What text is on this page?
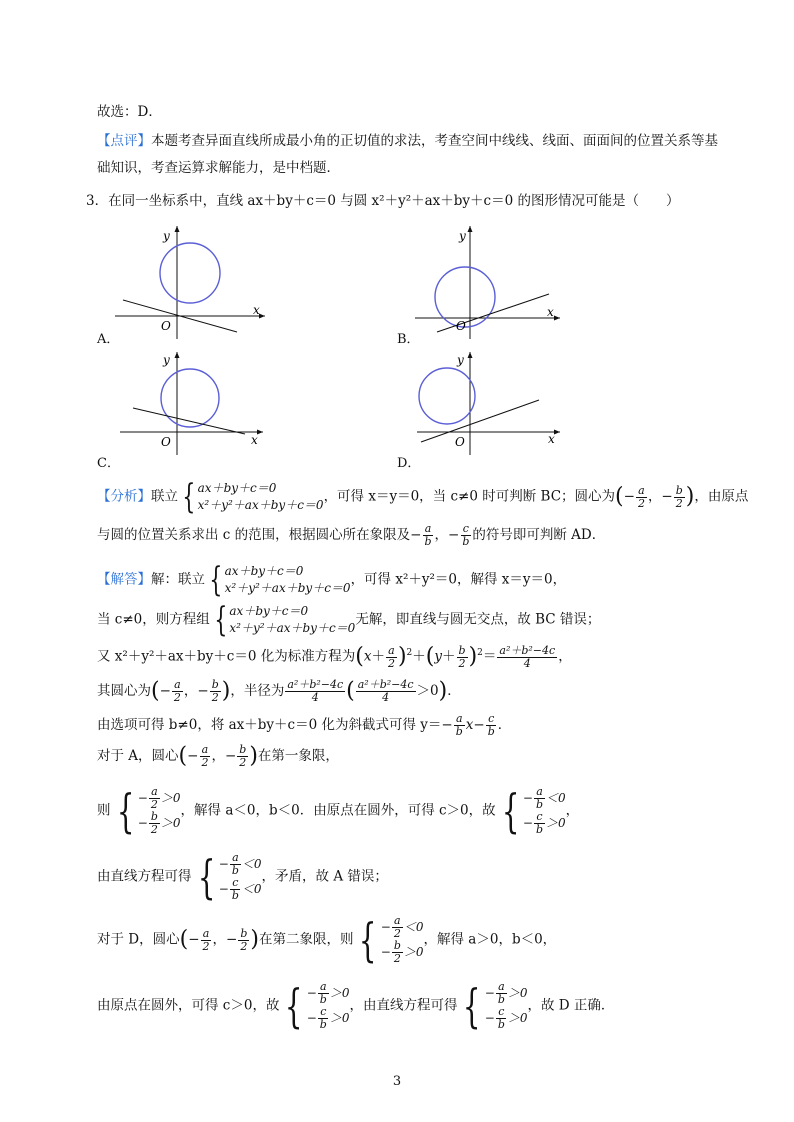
故选：D．
【点评】本题考查异面直线所成最小角的正切值的求法，考查空间中线线、线面、面面间的位置关系等基
础知识，考查运算求解能力，是中档题．
3．在同一坐标系中，直线 ax＋by＋c＝0 与圆 x²＋y²＋ax＋by＋c＝0 的图形情况可能是（　　）
y
x
O
A．
y
x
O
B．
y
x
O
C．
y
x
O
D．
【分析】联立 { ax＋by＋c＝0
x²＋y²＋ax＋by＋c＝0
，可得 x＝y＝0，当 c≠0 时可判断 BC；圆心为(− $\frac{a}{2}$ ，− $\frac{b}{2}$ )，由原点
与圆的位置关系求出 c 的范围，根据圆心所在象限及− $\frac{a}{b}$ ，− $\frac{c}{b}$ 的符号即可判断 AD．
【解答】解：联立 { ax＋by＋c＝0
x²＋y²＋ax＋by＋c＝0
，可得 x²＋y²＝0，解得 x＝y＝0，
当 c≠0，则方程组 { ax＋by＋c＝0
x²＋y²＋ax＋by＋c＝0
无解，即直线与圆无交点，故 BC 错误；
又 x²＋y²＋ax＋by＋c＝0 化为标准方程为$(x+ \frac{a}{2} )^2+(y+ \frac{b}{2} )^2= \frac{\text{a²＋b²−4c}}{4}$ ，
其圆心为(− $\frac{a}{2}$ ，− $\frac{b}{2}$ )，半径为 $\frac{\text{a²＋b²−4c}}{4}$ ( $\frac{\text{a²＋b²−4c}}{4} >0$)．
由选项可得 b≠0，将 ax＋by＋c＝0 化为斜截式可得 $y=- \frac{a}{b} x- \frac{c}{b}$ ．
对于 A，圆心(− $\frac{a}{2}$ ，− $\frac{b}{2}$ )在第一象限，
则 { − $\frac{a}{2} >0$
− $\frac{b}{2} >0$
，解得 a＜0，b＜0．由原点在圆外，可得 c＞0，故 { − $\frac{a}{b} <0$
− $\frac{c}{b} >0$
，
由直线方程可得 { − $\frac{a}{b} <0$
− $\frac{c}{b} <0$
，矛盾，故 A 错误；
对于 D，圆心(− $\frac{a}{2}$ ，− $\frac{b}{2}$ )在第二象限，则 { − $\frac{a}{2} <0$
− $\frac{b}{2} >0$
，解得 a＞0，b＜0，
由原点在圆外，可得 c＞0，故 { − $\frac{a}{b} >0$
− $\frac{c}{b} >0$
，由直线方程可得 { − $\frac{a}{b} >0$
− $\frac{c}{b} >0$
，故 D 正确．
3
